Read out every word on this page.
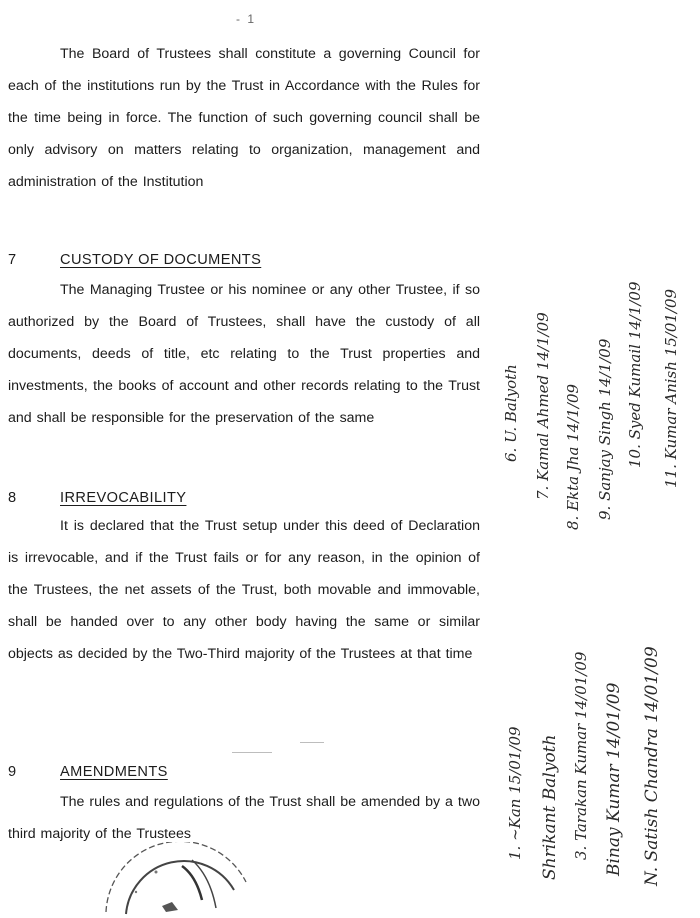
- 1

The Board of Trustees shall constitute a governing Council for each of the institutions run by the Trust in Accordance with the Rules for the time being in force. The function of such governing council shall be only advisory on matters relating to organization, management and administration of the Institution

7	CUSTODY OF DOCUMENTS

The Managing Trustee or his nominee or any other Trustee, if so authorized by the Board of Trustees, shall have the custody of all documents, deeds of title, etc relating to the Trust properties and investments, the books of account and other records relating to the Trust and shall be responsible for the preservation of the same

8	IRREVOCABILITY

It is declared that the Trust setup under this deed of Declaration is irrevocable, and if the Trust fails or for any reason, in the opinion of the Trustees, the net assets of the Trust, both movable and immovable, shall be handed over to any other body having the same or similar objects as decided by the Two-Third majority of the Trustees at that time

9	AMENDMENTS

The rules and regulations of the Trust shall be amended by a two third majority of the Trustees	1. ~Kan 15/01/09 Shrikant Balyoth 3. Tarakan Kumar 14/01/09 Binay Kumar 14/01/09 N. Satish Chandra 14/01/09
6. U. Balyoth 7. Kamal Ahmed 14/1/09 8. Ekta Jha 14/1/09 9. Sanjay Singh 14/1/09 10. Syed Kumail 14/1/09 11. Kumar Anish 15/01/09
